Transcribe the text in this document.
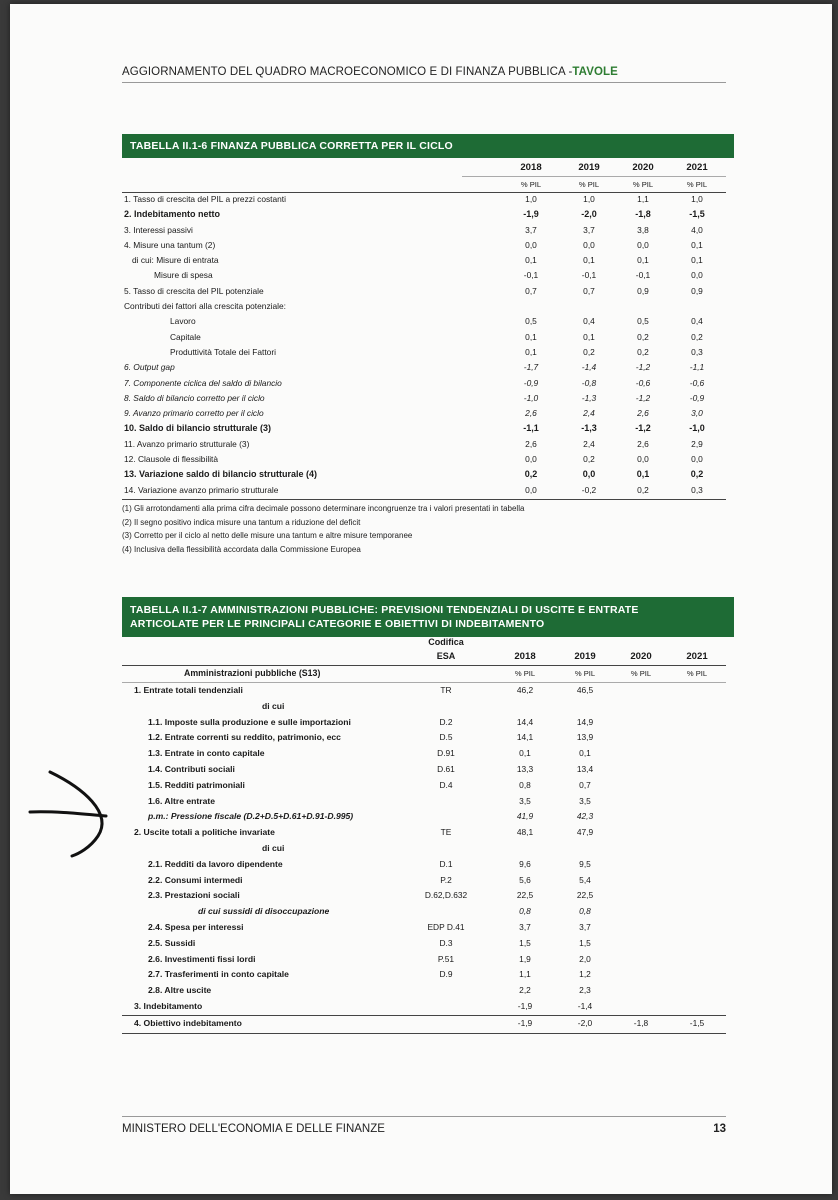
AGGIORNAMENTO DEL QUADRO MACROECONOMICO E DI FINANZA PUBBLICA -TAVOLE
TABELLA II.1-6 FINANZA PUBBLICA CORRETTA PER IL CICLO
2018	2019	2020	2021
% PIL	% PIL	% PIL	% PIL
1. Tasso di crescita del PIL a prezzi costanti	1,0	1,0	1,1	1,0
2. Indebitamento netto	-1,9	-2,0	-1,8	-1,5
3. Interessi passivi	3,7	3,7	3,8	4,0
4. Misure una tantum (2)	0,0	0,0	0,0	0,1
di cui: Misure di entrata	0,1	0,1	0,1	0,1
Misure di spesa	-0,1	-0,1	-0,1	0,0
5. Tasso di crescita del PIL potenziale	0,7	0,7	0,9	0,9
Contributi dei fattori alla crescita potenziale:
Lavoro	0,5	0,4	0,5	0,4
Capitale	0,1	0,1	0,2	0,2
Produttività Totale dei Fattori	0,1	0,2	0,2	0,3
6. Output gap	-1,7	-1,4	-1,2	-1,1
7. Componente ciclica del saldo di bilancio	-0,9	-0,8	-0,6	-0,6
8. Saldo di bilancio corretto per il ciclo	-1,0	-1,3	-1,2	-0,9
9. Avanzo primario corretto per il ciclo	2,6	2,4	2,6	3,0
10. Saldo di bilancio strutturale (3)	-1,1	-1,3	-1,2	-1,0
11. Avanzo primario strutturale (3)	2,6	2,4	2,6	2,9
12. Clausole di flessibilità	0,0	0,2	0,0	0,0
13. Variazione saldo di bilancio strutturale (4)	0,2	0,0	0,1	0,2
14. Variazione avanzo primario strutturale	0,0	-0,2	0,2	0,3
(1) Gli arrotondamenti alla prima cifra decimale possono determinare incongruenze tra i valori presentati in tabella
(2) Il segno positivo indica misure una tantum a riduzione del deficit
(3) Corretto per il ciclo al netto delle misure una tantum e altre misure temporanee
(4) Inclusiva della flessibilità accordata dalla Commissione Europea
TABELLA II.1-7 AMMINISTRAZIONI PUBBLICHE: PREVISIONI TENDENZIALI DI USCITE E ENTRATE
ARTICOLATE PER LE PRINCIPALI CATEGORIE E OBIETTIVI DI INDEBITAMENTO
Codifica
ESA	2018	2019	2020	2021
Amministrazioni pubbliche (S13)	% PIL	% PIL	% PIL	% PIL
1. Entrate totali tendenziali	TR	46,2	46,5
di cui
1.1. Imposte sulla produzione e sulle importazioni	D.2	14,4	14,9
1.2. Entrate correnti su reddito, patrimonio, ecc	D.5	14,1	13,9
1.3. Entrate in conto capitale	D.91	0,1	0,1
1.4. Contributi sociali	D.61	13,3	13,4
1.5. Redditi patrimoniali	D.4	0,8	0,7
1.6. Altre entrate	3,5	3,5
p.m.: Pressione fiscale (D.2+D.5+D.61+D.91-D.995)	41,9	42,3
2. Uscite totali a politiche invariate	TE	48,1	47,9
di cui
2.1. Redditi da lavoro dipendente	D.1	9,6	9,5
2.2. Consumi intermedi	P.2	5,6	5,4
2.3. Prestazioni sociali	D.62,D.632	22,5	22,5
di cui sussidi di disoccupazione	0,8	0,8
2.4. Spesa per interessi	EDP D.41	3,7	3,7
2.5. Sussidi	D.3	1,5	1,5
2.6. Investimenti fissi lordi	P.51	1,9	2,0
2.7. Trasferimenti in conto capitale	D.9	1,1	1,2
2.8. Altre uscite	2,2	2,3
3. Indebitamento	-1,9	-1,4
4. Obiettivo indebitamento	-1,9	-2,0	-1,8	-1,5
MINISTERO DELL'ECONOMIA E DELLE FINANZE	13
